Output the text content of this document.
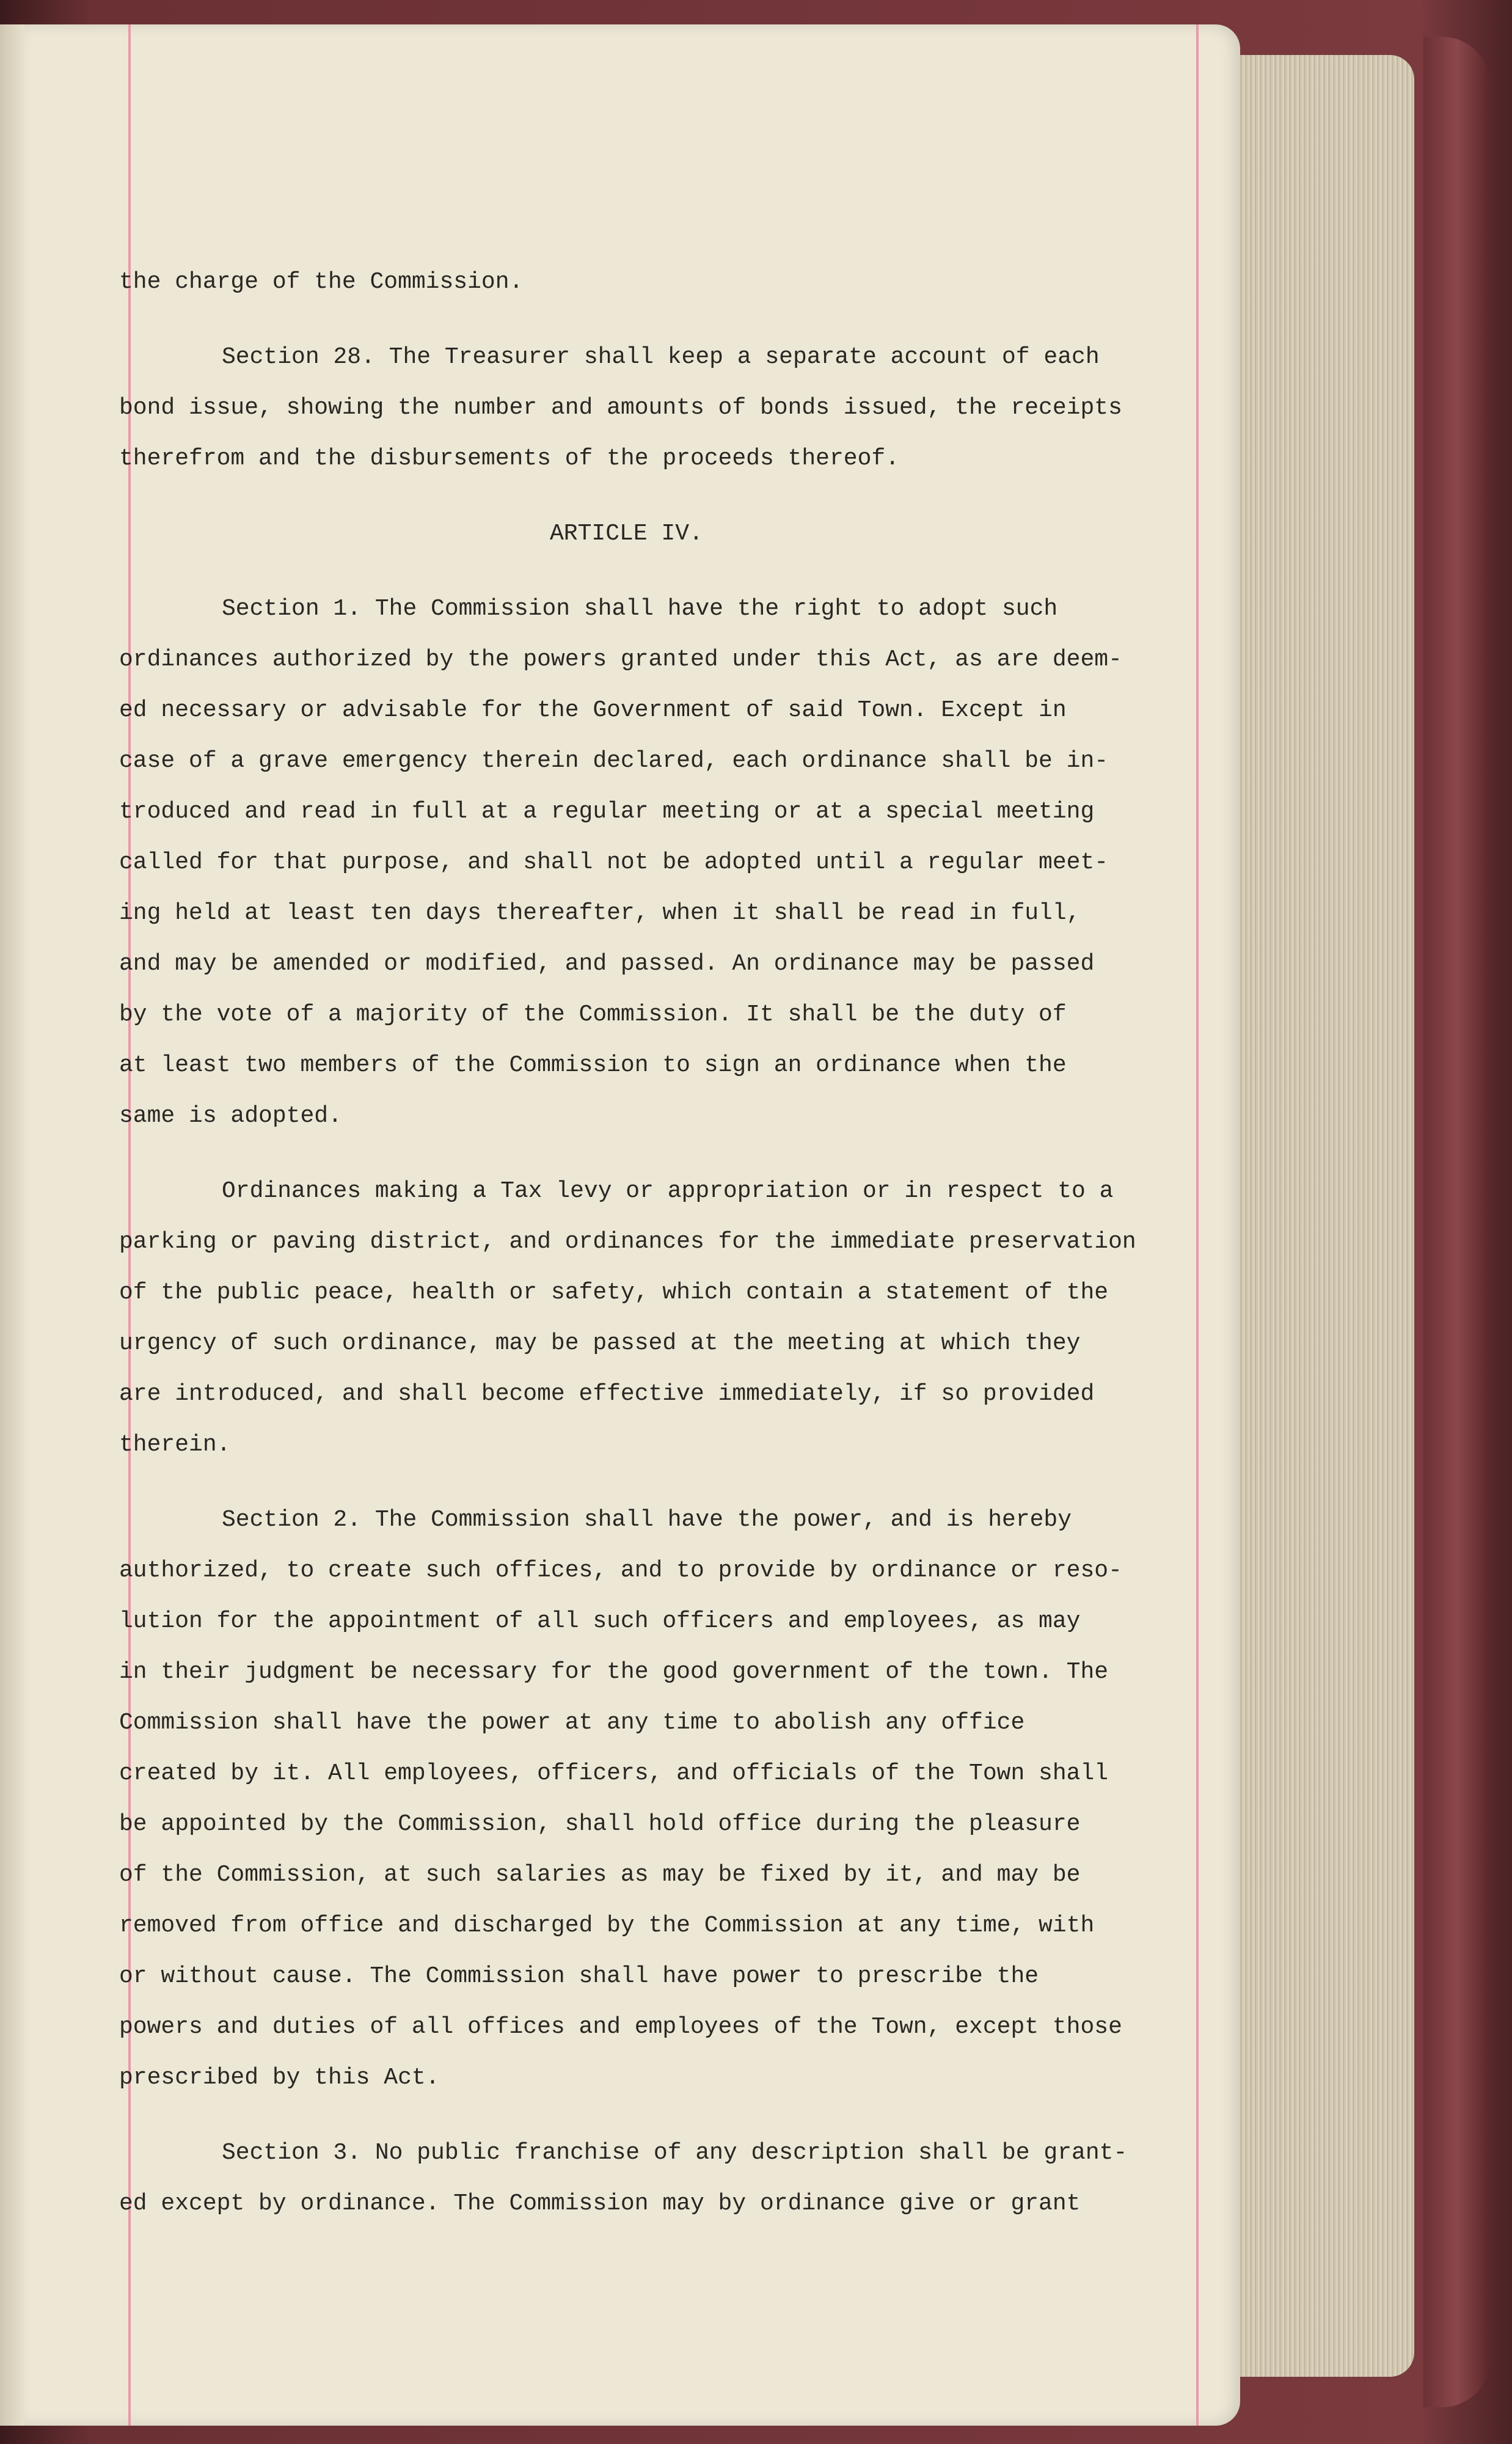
the charge of the Commission.
Section 28. The Treasurer shall keep a separate account of each
bond issue, showing the number and amounts of bonds issued, the receipts
therefrom and the disbursements of the proceeds thereof.
ARTICLE IV.
Section 1. The Commission shall have the right to adopt such
ordinances authorized by the powers granted under this Act, as are deem-
ed necessary or advisable for the Government of said Town. Except in
case of a grave emergency therein declared, each ordinance shall be in-
troduced and read in full at a regular meeting or at a special meeting
called for that purpose, and shall not be adopted until a regular meet-
ing held at least ten days thereafter, when it shall be read in full,
and may be amended or modified, and passed. An ordinance may be passed
by the vote of a majority of the Commission. It shall be the duty of
at least two members of the Commission to sign an ordinance when the
same is adopted.
Ordinances making a Tax levy or appropriation or in respect to a
parking or paving district, and ordinances for the immediate preservation
of the public peace, health or safety, which contain a statement of the
urgency of such ordinance, may be passed at the meeting at which they
are introduced, and shall become effective immediately, if so provided
therein.
Section 2. The Commission shall have the power, and is hereby
authorized, to create such offices, and to provide by ordinance or reso-
lution for the appointment of all such officers and employees, as may
in their judgment be necessary for the good government of the town. The
Commission shall have the power at any time to abolish any office
created by it. All employees, officers, and officials of the Town shall
be appointed by the Commission, shall hold office during the pleasure
of the Commission, at such salaries as may be fixed by it, and may be
removed from office and discharged by the Commission at any time, with
or without cause. The Commission shall have power to prescribe the
powers and duties of all offices and employees of the Town, except those
prescribed by this Act.
Section 3. No public franchise of any description shall be grant-
ed except by ordinance. The Commission may by ordinance give or grant
